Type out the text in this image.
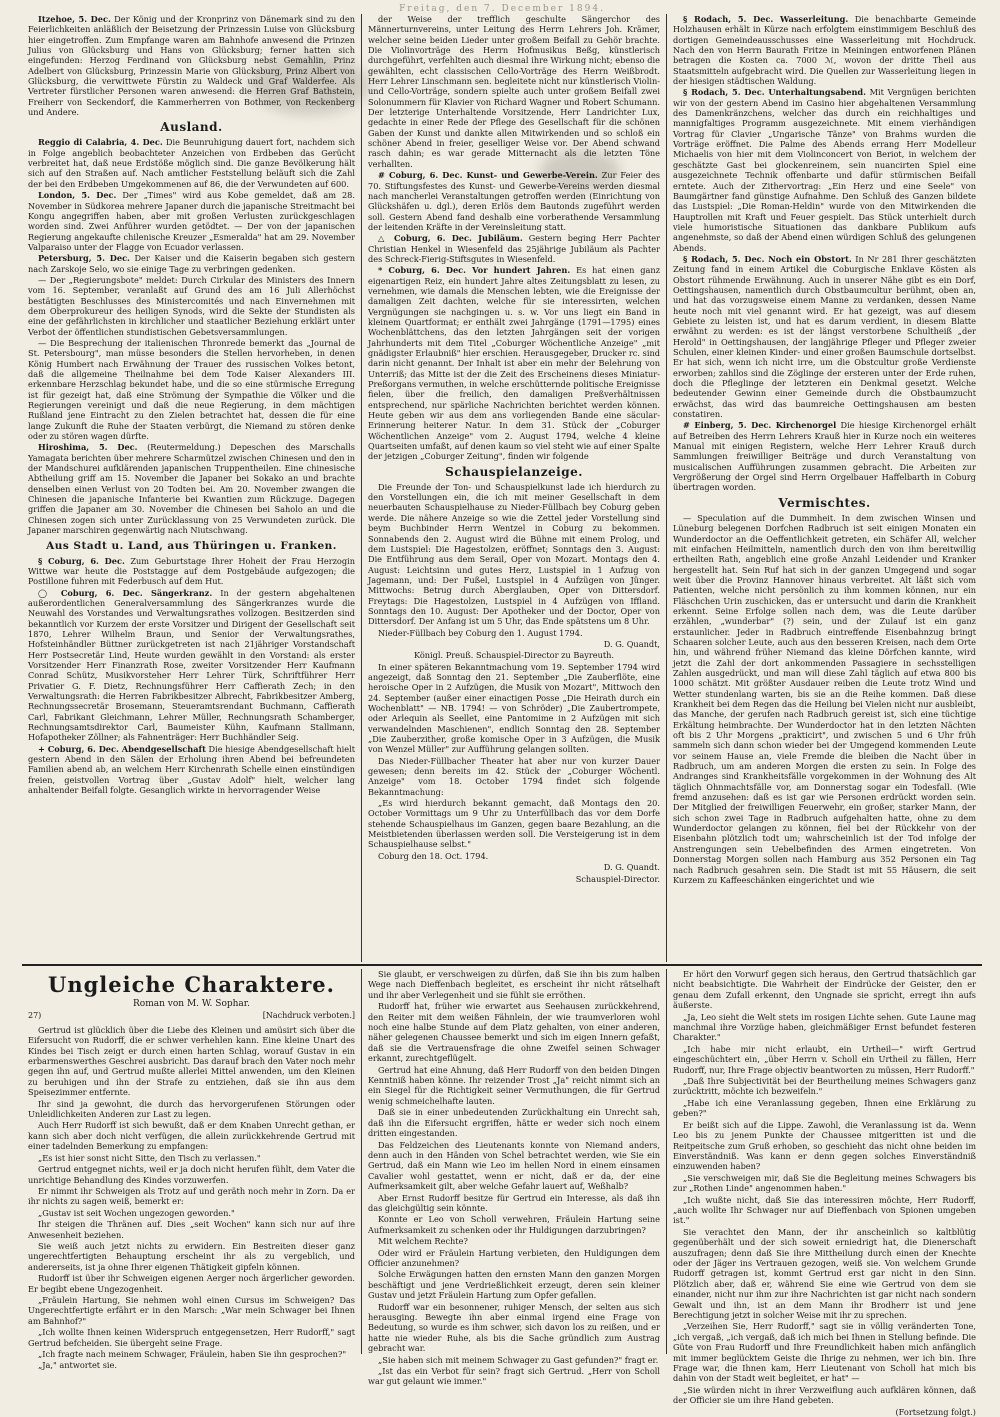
Freitag, den 7. December 1894.

Itzehoe, 5. Dec. Der König und der Kronprinz von Dänemark sind zu den Feierlichkeiten anläßlich der Beisetzung der Prinzessin Luise von Glücksburg hier eingetroffen. Zum Empfange waren am Bahnhofe anwesend die Prinzen Julius von Glücksburg und Hans von Glücksburg; ferner hatten sich eingefunden: Herzog Ferdinand von Glücksburg nebst Gemahlin, Prinz Adelbert von Glücksburg, Prinzessin Marie von Glücksburg, Prinz Albert von Glücksburg, die verwittwete Fürstin zu Waldeck und Graf Walderfee. Als Vertreter fürstlicher Personen waren anwesend: die Herren Graf Bathstein, Freiherr von Seckendorf, die Kammerherren von Bothmer, von Reckenberg und Andere.

Ausland.

Reggio di Calabria, 4. Dec. Die Beunruhigung dauert fort, nachdem sich in Folge angeblich beobachteter Anzeichen von Erdbeben das Gerücht verbreitet hat, daß neue Erdstöße möglich sind. Die ganze Bevölkerung hält sich auf den Straßen auf. Nach amtlicher Feststellung beläuft sich die Zahl der bei den Erdbeben Umgekommenen auf 86, die der Verwundeten auf 600.

London, 5. Dec. Der „Times" wird aus Kobe gemeldet, daß am 28. November in Südkorea mehrere Japaner durch die japanische Streitmacht bei Kongu angegriffen haben, aber mit großen Verlusten zurückgeschlagen worden sind. Zwei Anführer wurden getödtet. — Der von der japanischen Regierung angekaufte chilenische Kreuzer „Esmeralda" hat am 29. November Valparaiso unter der Flagge von Ecuador verlassen.

Petersburg, 5. Dec. Der Kaiser und die Kaiserin begaben sich gestern nach Zarskoje Selo, wo sie einige Tage zu verbringen gedenken.

— Der „Regierungsbote" meldet: Durch Cirkular des Ministers des Innern vom 16. September, veranlaßt auf Grund des am 16 Juli Allerhöchst bestätigten Beschlusses des Ministercomités und nach Einvernehmen mit dem Oberprokureur des heiligen Synods, wird die Sekte der Stundisten als eine der gefährlichsten in kirchlicher und staatlicher Beziehung erklärt unter Verbot der öffentlichen stundistischen Gebetsversammlungen.

— Die Besprechung der italienischen Thronrede bemerkt das „Journal de St. Petersbourg", man müsse besonders die Stellen hervorheben, in denen König Humbert nach Erwähnung der Trauer des russischen Volkes betont, daß die allgemeine Theilnahme bei dem Tode Kaiser Alexanders III. erkennbare Herzschlag bekundet habe, und die so eine stürmische Erregung ist für gezeigt hat, daß eine Strömung der Sympathie die Völker und die Regierungen vereinigt und daß die neue Regierung, in dem mächtigen Rußland jene Eintracht zu den Zielen betrachtet hat, dessen die für eine lange Zukunft die Ruhe der Staaten verbürgt, die Niemand zu stören denke oder zu stören wagen dürfte.

Hiroshima, 5. Dec. (Reutermeldung.) Depeschen des Marschalls Yamagata berichten über mehrere Scharmützel zwischen Chinesen und den in der Mandschurei aufklärenden japanischen Truppentheilen. Eine chinesische Abtheilung griff am 15. November die Japaner bei Sokako an und brachte denselben einen Verlust von 20 Todten bei. Am 20. November zwangen die Chinesen die japanische Infanterie bei Kwantien zum Rückzuge. Dagegen griffen die Japaner am 30. November die Chinesen bei Saholo an und die Chinesen zogen sich unter Zurücklassung von 25 Verwundeten zurück. Die Japaner marschiren gegenwärtig nach Niutschwang.

Aus Stadt u. Land, aus Thüringen u. Franken.

§ Coburg, 6. Dec. Zum Geburtstage Ihrer Hoheit der Frau Herzogin Wittwe war heute die Poststagge auf dem Postgebäude aufgezogen; die Postillone fuhren mit Federbusch auf dem Hut.

◯ Coburg, 6. Dec. Sängerkranz. In der gestern abgehaltenen außerordentlichen Generalversammlung des Sängerkranzes wurde die Neuwahl des Vorstandes und Verwaltungsrathes vollzogen. Besitzerden sind bekanntlich vor Kurzem der erste Vorsitzer und Dirigent der Gesellschaft seit 1870, Lehrer Wilhelm Braun, und Senior der Verwaltungsrathes, Hofsteinhändler Büttner zurückgetreten ist nach 21jähriger Vorstandschaft Herr Postsecretär Lind, Heute wurden gewählt in den Vorstand: als erster Vorsitzender Herr Finanzrath Rose, zweiter Vorsitzender Herr Kaufmann Conrad Schütz, Musikvorsteher Herr Lehrer Türk, Schriftführer Herr Privatier G. F. Dietz, Rechnungsführer Herr Caffierath Zech; in den Verwaltungsrath: die Herren Fabrikbesitzer Albrecht, Fabrikbesitzer Amberg, Rechnungssecretär Brosemann, Steueramtsrendant Buchmann, Caffierath Carl, Fabrikant Gleichmann, Lehrer Müller, Rechnungsrath Schamberger, Rechnungsamtsdirektor Carl, Baumeister Kühn, Kaufmann Stallmann, Hofapotheker Zöllner; als Fahnenträger: Herr Buchhändler Seig.

+ Coburg, 6. Dec. Abendgesellschaft Die hiesige Abendgesellschaft hielt gestern Abend in den Sälen der Erholung ihren Abend bei befreundeten Familien abend ab, an welchem Herr Kirchenrath Schelle einen einstündigen freien, geistvollen Vortrag über „Gustav Adolf" hielt, welcher lang anhaltender Beifall folgte. Gesanglich wirkte in hervorragender Weise

der Weise der trefflich geschulte Sängerchor des Männerturnvereins, unter Leitung des Herrn Lehrers Joh. Krämer, welcher seine beiden Lieder unter großem Beifall zu Gehör brachte. Die Violinvorträge des Herrn Hofmusikus Beßg, künstlerisch durchgeführt, verfehlten auch diesmal ihre Wirkung nicht; ebenso die gewählten, echt classischen Cello-Vorträge des Herrn Weißbrodt. Herr Lehrer Linschmann sen. begleitete nicht nur künstlerisch Violin- und Cello-Vorträge, sondern spielte auch unter großem Beifall zwei Solonummern für Klavier von Richard Wagner und Robert Schumann. Der letzterige Unterhaltende Vorsitzende, Herr Landrichter Lux, gedachte in einer Rede der Pflege des Gesellschaft für die schönen Gaben der Kunst und dankte allen Mitwirkenden und so schloß ein schöner Abend in freier, geselliger Weise vor. Der Abend schwand rasch dahin; es war gerade Mitternacht als die letzten Töne verhallten.

# Coburg, 6. Dec. Kunst- und Gewerbe-Verein. Zur Feier des 70. Stiftungsfestes des Kunst- und Gewerbe-Vereins werden diesmal nach mancherlei Veranstaltungen getroffen werden (Einrichtung von Glückshäfen u. dgl.), deren Erlös dem Bautonds zugeführt werden soll. Gestern Abend fand deshalb eine vorberathende Versammlung der leitenden Kräfte in der Vereinsleitung statt.

△ Coburg, 6. Dec. Jubiläum. Gestern beging Herr Pachter Christian Henkel in Wiesenfeld das 25jährige Jubiläum als Pachter des Schreck-Fierig-Stiftsgutes in Wiesenfeld.

* Coburg, 6. Dec. Vor hundert Jahren. Es hat einen ganz eigenartigen Reiz, ein hundert Jahre altes Zeitungsblatt zu lesen, zu vernehmen, wie damals die Menschen lebten, wie die Ereignisse der damaligen Zeit dachten, welche für sie interessirten, welchen Vergnügungen sie nachgingen u. s. w. Vor uns liegt ein Band in kleinem Quartformat; er enthält zwei Jahrgänge (1791—1795) eines Wochenblättchens, das den letzten Jahrgängen seit der vorigen Jahrhunderts mit dem Titel „Coburger Wöchentliche Anzeige" „mit gnädigster Erlaubniß" hier erschien. Herausgegeber, Drucker rc. sind darin nicht genannt. Der Inhalt ist aber ein mehr der Belehrung von Unterriß; das Mitte ist der die Zeit des Erscheinens dieses Miniatur-Preßorgans vermuthen, in welche erschütternde politische Ereignisse fielen, über die freilich, den damaligen Preßverhältnissen entsprechend, nur spärliche Nachrichten berichtet werden können. Heute geben wir aus dem ans vorliegenden Bande eine säcular-Erinnerung heiterer Natur. In dem 31. Stück der „Coburger Wöchentlichen Anzeige" vom 2. August 1794, welche 4 kleine Quartseiten umfaßt, auf denen kaum so viel steht wie auf einer Spalte der jetzigen „Coburger Zeitung", finden wir folgende

Schauspielanzeige.

Die Freunde der Ton- und Schauspielkunst lade ich hierdurch zu den Vorstellungen ein, die ich mit meiner Gesellschaft in dem neuerbauten Schauspielhause zu Nieder-Füllbach bey Coburg geben werde. Die nähere Anzeige so wie die Zettel jeder Vorstellung sind beym Buchbinder Herrn Wentzel in Coburg zu bekommen. Sonnabends den 2. August wird die Bühne mit einem Prolog, und dem Lustspiel: Die Hagestolzen, eröffnet; Sonntags den 3. August: Die Entführung aus dem Serail, Oper von Mozart. Montags den 4. August: Leichtsinn und gutes Herz, Lustspiel in 1 Aufzug von Jagemann, und: Der Fußel, Lustspiel in 4 Aufzügen von Jünger. Mittwochs: Betrug durch Aberglauben, Oper von Dittersdorf. Freytags: Die Hagestolzen, Lustspiel in 4 Aufzügen von Iffland. Sonntags den 10. August: Der Apotheker und der Doctor, Oper von Dittersdorf. Der Anfang ist um 5 Uhr, das Ende spätstens um 8 Uhr.

Nieder-Füllbach bey Coburg den 1. August 1794.

D. G. Quandt,

Königl. Preuß. Schauspiel-Director zu Bayreuth.

In einer späteren Bekanntmachung vom 19. September 1794 wird angezeigt, daß Sonntag den 21. September „Die Zauberflöte, eine heroische Oper in 2 Aufzügen, die Musik von Mozart", Mittwoch den 24. September (außer einer einactigen Posse „Die Heirath durch ein Wochenblatt" — NB. 1794! — von Schröder) „Die Zaubertrompete, oder Arlequin als Seellet, eine Pantomime in 2 Aufzügen mit sich verwandelnden Maschienen", endlich Sonntag den 28. September „Die Zauberzither, große komische Oper in 3 Aufzügen, die Musik von Wenzel Müller" zur Aufführung gelangen sollten.

Das Nieder-Füllbacher Theater hat aber nur von kurzer Dauer gewesen; denn bereits im 42. Stück der „Coburger Wöchentl. Anzeige" vom 18. October 1794 findet sich folgende Bekanntmachung:

„Es wird hierdurch bekannt gemacht, daß Montags den 20. October Vormittags um 9 Uhr zu Unterfüllbach das vor dem Dorfe stehende Schauspielhaus im Ganzen, gegen baare Bezahlung, an die Meistbietenden überlassen werden soll. Die Versteigerung ist in dem Schauspielhause selbst."

Coburg den 18. Oct. 1794.

D. G. Quandt.

Schauspiel-Director.

§ Rodach, 5. Dec. Wasserleitung. Die benachbarte Gemeinde Holzhausen erhält in Kürze nach erfolgtem einstimmigem Beschluß des dortigen Gemeindeausschusses eine Wasserleitung mit Hochdruck. Nach den von Herrn Baurath Fritze in Meiningen entworfenen Plänen betragen die Kosten ca. 7000 ℳ, wovon der dritte Theil aus Staatsmitteln aufgebracht wird. Die Quellen zur Wasserleitung liegen in der hiesigen städtischen Waldung.

§ Rodach, 5. Dec. Unterhaltungsabend. Mit Vergnügen berichten wir von der gestern Abend im Casino hier abgehaltenen Versammlung des Damenkränzchens, welcher das durch ein reichhaltiges und mannigfaltiges Programm ausgezeichnete. Mit einem vierhändigen Vortrag für Clavier „Ungarische Tänze" von Brahms wurden die Vorträge eröffnet. Die Palme des Abends errang Herr Modelleur Michaelis von hier mit dem Violinconcert von Beriot, in welchem der geschätzte Gast bei glockenreinem, sein nuancirten Spiel eine ausgezeichnete Technik offenbarte und dafür stürmischen Beifall erntete. Auch der Zithervortrag: „Ein Herz und eine Seele" von Baumgärtner fand günstige Aufnahme. Den Schluß des Ganzen bildete das Lustspiel: „Die Roman-Heldin" wurde von den Mitwirkenden die Hauptrollen mit Kraft und Feuer gespielt. Das Stück unterhielt durch viele humoristische Situationen das dankbare Publikum aufs angenehmste, so daß der Abend einen würdigen Schluß des gelungenen Abends.

§ Rodach, 5. Dec. Noch ein Obstort. In Nr 281 Ihrer geschätzten Zeitung fand in einem Artikel die Coburgische Enklave Kösten als Obstort rühmende Erwähnung. Auch in unserer Nähe gibt es ein Dorf, Oettingshausen, namentlich durch Obstbaumcultur berühmt, oben an, und hat das vorzugsweise einem Manne zu verdanken, dessen Name heute noch mit viel genannt wird. Er hat gezeigt, was auf diesem Gebiete zu leisten ist, und hat es darum verdient, in diesem Blatte erwähnt zu werden: es ist der längst verstorbene Schultheiß „der Herold" in Oettingshausen, der langjährige Pfleger und Pfleger zweier Schulen, einer kleinen Kinder- und einer großen Baumschule dortselbst. Er hat sich, wenn ich nicht irre, um die Obstcultur große Verdienste erworben; zahllos sind die Zöglinge der ersteren unter der Erde ruhen, doch die Pfleglinge der letzteren ein Denkmal gesetzt. Welche bedeutender Gewinn einer Gemeinde durch die Obstbaumzucht erwächst, das wird das baumreiche Oettingshausen am besten constatiren.

# Einberg, 5. Dec. Kirchenorgel Die hiesige Kirchenorgel erhält auf Betreiben des Herrn Lehrers Krauß hier in Kurze noch ein weiteres Manual mit einigen Registern, welche Herr Lehrer Krauß durch Sammlungen freiwilliger Beiträge und durch Veranstaltung von musicalischen Aufführungen zusammen gebracht. Die Arbeiten zur Vergrößerung der Orgel sind Herrn Orgelbauer Haffelbarth in Coburg übertragen worden.

Vermischtes.

— Speculation auf die Dummheit. In dem zwischen Winsen und Lüneburg belegenen Dorfchen Radbruch ist seit einigen Monaten ein Wunderdoctor an die Oeffentlichkeit getreten, ein Schäfer All, welcher mit einfachen Heilmitteln, namentlich durch den von ihm bereitwillig ertheilten Rath, angeblich eine große Anzahl Leidender und Kranker hergestellt hat. Sein Ruf hat sich in der ganzen Umgegend und sogar weit über die Provinz Hannover hinaus verbreitet. Alt läßt sich vom Patienten, welche nicht persönlich zu ihm kommen können, nur ein Fläschchen Urin zuschicken, das er untersucht und darin die Krankheit erkennt. Seine Erfolge sollen nach dem, was die Leute darüber erzählen, „wunderbar" (?) sein, und der Zulauf ist ein ganz erstaunlicher. Jeder in Radbruch eintreffende Eisenbahnzug bringt Schaaren solcher Leute, auch aus den besseren Kreisen, nach dem Orte hin, und während früher Niemand das kleine Dörfchen kannte, wird jetzt die Zahl der dort ankommenden Passagiere in sechsstelligen Zahlen ausgedrückt, und man will diese Zahl täglich auf etwa 800 bis 1000 schätzt. Mit größter Ausdauer reiben die Leute trotz Wind und Wetter stundenlang warten, bis sie an die Reihe kommen. Daß diese Krankheit bei dem Regen das die Heilung bei Vielen nicht nur ausbleibt, das Manche, der gerufen nach Radbruch gereist ist, sich eine tüchtige Erkältung heimbrachte. Der Wunderdoctor hat in den letzten Nächten oft bis 2 Uhr Morgens „prakticirt", und zwischen 5 und 6 Uhr früh sammeln sich dann schon wieder bei der Umgegend kommenden Leute vor seinem Hause an, viele Fremde die bleiben die Nacht über in Radbruch, um am anderen Morgen die ersten zu sein. In Folge des Andranges sind Krankheitsfälle vorgekommen in der Wohnung des Alt täglich Ohnmachtsfälle vor, am Donnerstag sogar ein Todesfall. (Wie fremd anzusehen: daß es ist gar wie Personen erdrückt worden sein. Der Mitglied der freiwilligen Feuerwehr, ein großer, starker Mann, der sich schon zwei Tage in Radbruch aufgehalten hatte, ohne zu dem Wunderdoctor gelangen zu können, fiel bei der Rückkehr von der Eisenbahn plötzlich todt um; wahrscheinlich ist der Tod infolge der Anstrengungen sein Uebelbefinden des Armen eingetreten. Von Donnerstag Morgen sollen nach Hamburg aus 352 Personen ein Tag nach Radbruch gesahren sein. Die Stadt ist mit 55 Häusern, die seit Kurzem zu Kaffeeschänken eingerichtet und wie

Ungleiche Charaktere.
Roman von M. W. Sophar.
27)	[Nachdruck verboten.]

Gertrud ist glücklich über die Liebe des Kleinen und amüsirt sich über die Eifersucht von Rudorff, die er schwer verhehlen kann. Eine kleine Unart des Kindes bei Tisch zeigt er durch einen harten Schlag, worauf Gustav in ein erbarmenswerthes Geschrei ausbricht. Das darauf brach den Vater noch mehr gegen ihn auf, und Gertrud mußte allerlei Mittel anwenden, um den Kleinen zu beruhigen und ihn der Strafe zu entziehen, daß sie ihn aus dem Speisezimmer entfernte.

Ihr sind ja gewohnt, die durch das hervorgerufenen Störungen oder Unleidlichkeiten Anderen zur Last zu legen.

Auch Herr Rudorff ist sich bewußt, daß er dem Knaben Unrecht gethan, er kann sich aber doch nicht verfügen, die allein zurückkehrende Gertrud mit einer tadelnden Bemerkung zu empfangen:

„Es ist hier sonst nicht Sitte, den Tisch zu verlassen."

Gertrud entgegnet nichts, weil er ja doch nicht herufen fühlt, dem Vater die unrichtige Behandlung des Kindes vorzuwerfen.

Er nimmt ihr Schweigen als Trotz auf und geräth noch mehr in Zorn. Da er ihr nichts zu sagen weiß, bemerkt er:

„Gustav ist seit Wochen ungezogen geworden."

Ihr steigen die Thränen auf. Dies „seit Wochen" kann sich nur auf ihre Anwesenheit beziehen.

Sie weiß auch jetzt nichts zu erwidern. Ein Bestreiten dieser ganz ungerechtfertigten Behauptung erscheint ihr als zu vergeblich, und andererseits, ist ja ohne Ihrer eigenen Thätigkeit gipfeln können.

Rudorff ist über ihr Schweigen eigenen Aerger noch ärgerlicher geworden. Er begibt ebene Ungezogenheit.

„Fräulein Hartung, Sie nehmen wohl einen Cursus im Schweigen? Das Ungerechtfertigte erfährt er in den Marsch: „War mein Schwager bei Ihnen am Bahnhof?"

„Ich wollte Ihnen keinen Widerspruch entgegensetzen, Herr Rudorff," sagt Gertrud befcheiden. Sie übergeht seine Frage.

„Ich fragte nach meinem Schwager, Fräulein, haben Sie ihn gesprochen?"

„Ja," antwortet sie.

Sie glaubt, er verschweigen zu dürfen, daß Sie ihn bis zum halben Wege nach Dieffenbach begleitet, es erscheint ihr nicht rätselhaft und ihr aber Verlegenheit und sie fühlt sie erröthen.

Rudorff hat, früher wie erwartet aus Seehausen zurückkehrend, den Reiter mit dem weißen Fähnlein, der wie traumverloren wohl noch eine halbe Stunde auf dem Platz gehalten, von einer anderen, näher gelegenen Chaussee bemerkt und sich im eigen Innern gefaßt, daß sie die Vertrauensfrage die ohne Zweifel seinen Schwager erkannt, zurechtgeflügelt.

Gertrud hat eine Ahnung, daß Herr Rudorff von den beiden Dingen Kenntniß haben könne. Ihr reizender Trost „Ja" reicht nimmt sich an ein Siegel für die Richtigkeit seiner Vermuthungen, die für Gertrud wenig schmeichelhafte lauten.

Daß sie in einer unbedeutenden Zurückhaltung ein Unrecht sah, daß ihn die Eifersucht ergriffen, hätte er weder sich noch einem dritten eingestanden.

Das Feldzeichen des Lieutenants konnte von Niemand anders, denn auch in den Händen von Schel betrachtet werden, wie Sie ein Gertrud, daß ein Mann wie Leo im hellen Nord in einem einsamen Cavalier wohl gestattet, wenn er nicht, daß er da, der eine Aufmerksamkeit gilt, aber welche Gefahr lauert auf, Weßhalb?

Aber Ernst Rudorff besitze für Gertrud ein Interesse, als daß ihn das gleichgültig sein könnte.

Konnte er Leo von Scholl verwehren, Fräulein Hartung seine Aufmerksamkeit zu schenken oder ihr Huldigungen darzubringen?

Mit welchem Rechte?

Oder wird er Fräulein Hartung verbieten, den Huldigungen dem Officier anzunehmen?

Solche Erwägungen hatten den ernsten Mann den ganzen Morgen beschäftigt und jene Verdrießlichkeit erzeugt, deren sein kleiner Gustav und jetzt Fräulein Hartung zum Opfer gefallen.

Rudorff war ein besonnener, ruhiger Mensch, der selten aus sich herausging. Bewegte ihn aber einmal irgend eine Frage von Bedeutung, so wurde es ihm schwer, sich davon los zu reißen, und er hatte nie wieder Ruhe, als bis die Sache gründlich zum Austrag gebracht war.

„Sie haben sich mit meinem Schwager zu Gast gefunden?" fragt er.

„Ist das ein Verbot für sein? fragt sich Gertrud. „Herr von Scholl war gut gelaunt wie immer."

Er hört den Vorwurf gegen sich heraus, den Gertrud thatsächlich gar nicht beabsichtigte. Die Wahrheit der Eindrücke der Geister, den er genau dem Zufall erkennt, den Ungnade sie spricht, erregt ihn aufs äußerste.

„Ja, Leo sieht die Welt stets im rosigen Lichte sehen. Gute Laune mag manchmal ihre Vorzüge haben, gleichmäßiger Ernst befundet festeren Charakter."

„Ich habe mir nicht erlaubt, ein Urtheil—" wirft Gertrud eingeschüchtert ein, „über Herrn v. Scholl ein Urtheil zu fällen, Herr Rudorff, nur, Ihre Frage objectiv beantworten zu müssen, Herr Rudorff."

„Daß Ihre Subjectivität bei der Beurtheilung meines Schwagers ganz zurücktritt, möchte ich bezweifeln."

„Habe ich eine Veranlassung gegeben, Ihnen eine Erklärung zu geben?"

Er beißt sich auf die Lippe. Zawohl, die Veranlassung ist da. Wenn Leo bis zu jenem Punkte der Chaussee mitgeritten ist und die Reitpeitsche zum Gruß erhoben, so geschieht das nicht ohne beiden im Einverständniß. Was kann er denn gegen solches Einverständniß einzuwenden haben?

„Sie verschweigen mir, daß Sie die Begleitung meines Schwagers bis zur „Rothen Linde" angenommen haben."

„Ich wußte nicht, daß Sie das interessiren möchte, Herr Rudorff, „auch wollte Ihr Schwager nur auf Dieffenbach von Spionen umgeben ist."

Sie verachtet den Mann, der ihr anscheinlich so kaltblütig gegenüberhält und der sich soweit erniedrigt hat, die Dienerschaft auszufragen; denn daß Sie ihre Mittheilung durch einen der Knechte oder der Jäger ins Vertrauen gezogen, weiß sie. Von welchem Grunde Rudorff getragen ist, kommt Gertrud erst gar nicht in den Sinn. Plötzlich aber, daß er, während Sie eine wie Gertrud von dem sie einander, nicht nur ihm zur ihre Nachrichten ist gar nicht nach sondern Gewalt und ihn, ist an dem Mann ihr Brodherr ist und jene Berechtigung jetzt in solcher Weise mit ihr zu sprechen.

„Verzeihen Sie, Herr Rudorff," sagt sie in völlig veränderten Tone, „ich vergaß, „ich vergaß, daß ich mich bei Ihnen in Stellung befinde. Die Güte von Frau Rudorff und Ihre Freundlichkeit haben mich anfänglich mit immer beglücktem Geiste die Ihrige zu nehmen, wer ich bin. Ihre Frage war, die Ihnen kam, Herr Lieutenant von Scholl hat mich bis dahin von der Stadt weit begleitet, er hat" —

„Sie würden nicht in ihrer Verzweiflung auch aufklären können, daß der Officier sie um ihre Hand gebeten.

(Fortsetzung folgt.)
